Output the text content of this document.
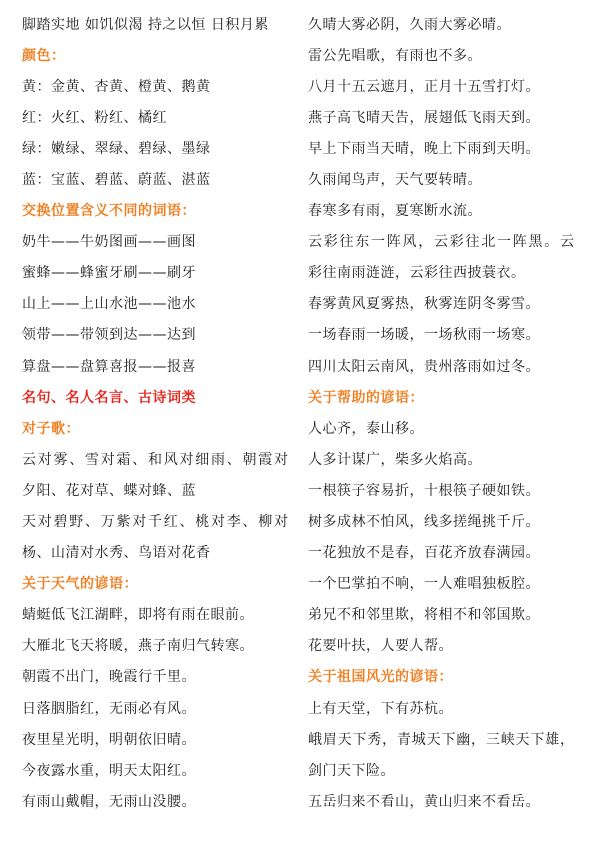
脚踏实地 如饥似渴 持之以恒 日积月累
颜色：
黄：金黄、杏黄、橙黄、鹅黄
红：火红、粉红、橘红
绿：嫩绿、翠绿、碧绿、墨绿
蓝：宝蓝、碧蓝、蔚蓝、湛蓝
交换位置含义不同的词语：
奶牛——牛奶图画——画图
蜜蜂——蜂蜜牙刷——刷牙
山上——上山水池——池水
领带——带领到达——达到
算盘——盘算喜报——报喜
名句、名人名言、古诗词类
对子歌：
云对雾、雪对霜、和风对细雨、朝霞对
夕阳、花对草、蝶对蜂、蓝
天对碧野、万紫对千红、桃对李、柳对
杨、山清对水秀、鸟语对花香
关于天气的谚语：
蜻蜓低飞江湖畔，即将有雨在眼前。
大雁北飞天将暖，燕子南归气转寒。
朝霞不出门，晚霞行千里。
日落胭脂红，无雨必有风。
夜里星光明，明朝依旧晴。
今夜露水重，明天太阳红。
有雨山戴帽，无雨山没腰。
久晴大雾必阴，久雨大雾必晴。
雷公先唱歌，有雨也不多。
八月十五云遮月，正月十五雪打灯。
燕子高飞晴天告，展翅低飞雨天到。
早上下雨当天晴，晚上下雨到天明。
久雨闻鸟声，天气要转晴。
春寒多有雨，夏寒断水流。
云彩往东一阵风，云彩往北一阵黑。云
彩往南雨涟涟，云彩往西披蓑衣。
春雾黄风夏雾热，秋雾连阴冬雾雪。
一场春雨一场暖，一场秋雨一场寒。
四川太阳云南风，贵州落雨如过冬。
关于帮助的谚语：
人心齐，泰山移。
人多计谋广，柴多火焰高。
一根筷子容易折，十根筷子硬如铁。
树多成林不怕风，线多搓绳挑千斤。
一花独放不是春，百花齐放春满园。
一个巴掌拍不响，一人难唱独板腔。
弟兄不和邻里欺，将相不和邻国欺。
花要叶扶，人要人帮。
关于祖国风光的谚语：
上有天堂，下有苏杭。
峨眉天下秀，青城天下幽，三峡天下雄，
剑门天下险。
五岳归来不看山，黄山归来不看岳。
